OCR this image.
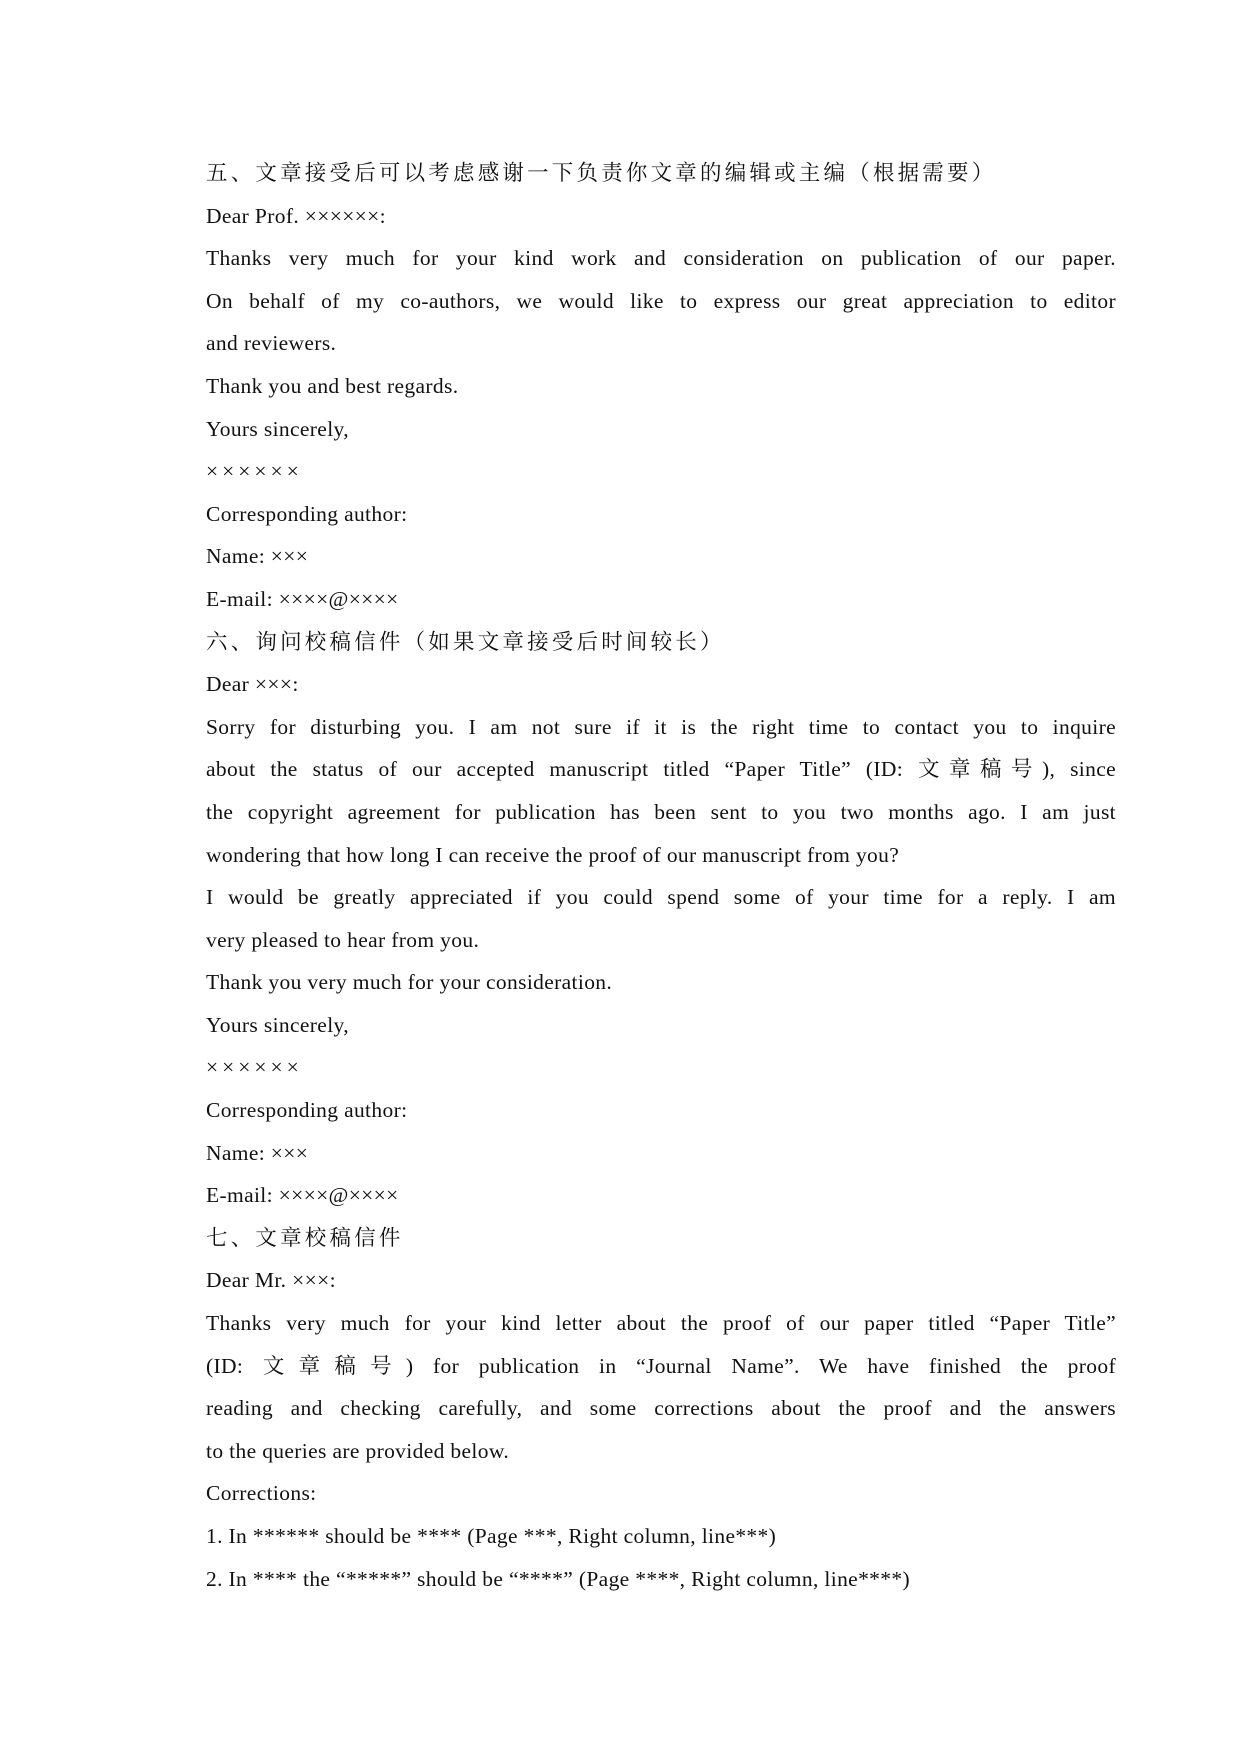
五、文章接受后可以考虑感谢一下负责你文章的编辑或主编（根据需要）

Dear Prof. ××××××:

Thanks very much for your kind work and consideration on publication of our paper.

On behalf of my co-authors, we would like to express our great appreciation to editor

and reviewers.

Thank you and best regards.

Yours sincerely,

××××××

Corresponding author:

Name: ×××

E-mail: ××××@××××

六、询问校稿信件（如果文章接受后时间较长）

Dear ×××:

Sorry for disturbing you. I am not sure if it is the right time to contact you to inquire

about the status of our accepted manuscript titled “Paper Title” (ID: 文章稿号), since

the copyright agreement for publication has been sent to you two months ago. I am just

wondering that how long I can receive the proof of our manuscript from you?

I would be greatly appreciated if you could spend some of your time for a reply. I am

very pleased to hear from you.

Thank you very much for your consideration.

Yours sincerely,

××××××

Corresponding author:

Name: ×××

E-mail: ××××@××××

七、文章校稿信件

Dear Mr. ×××:

Thanks very much for your kind letter about the proof of our paper titled “Paper Title”

(ID: 文章稿号) for publication in “Journal Name”. We have finished the proof

reading and checking carefully, and some corrections about the proof and the answers

to the queries are provided below.

Corrections:

1. In ****** should be **** (Page ***, Right column, line***)

2. In **** the “*****” should be “****” (Page ****, Right column, line****)
